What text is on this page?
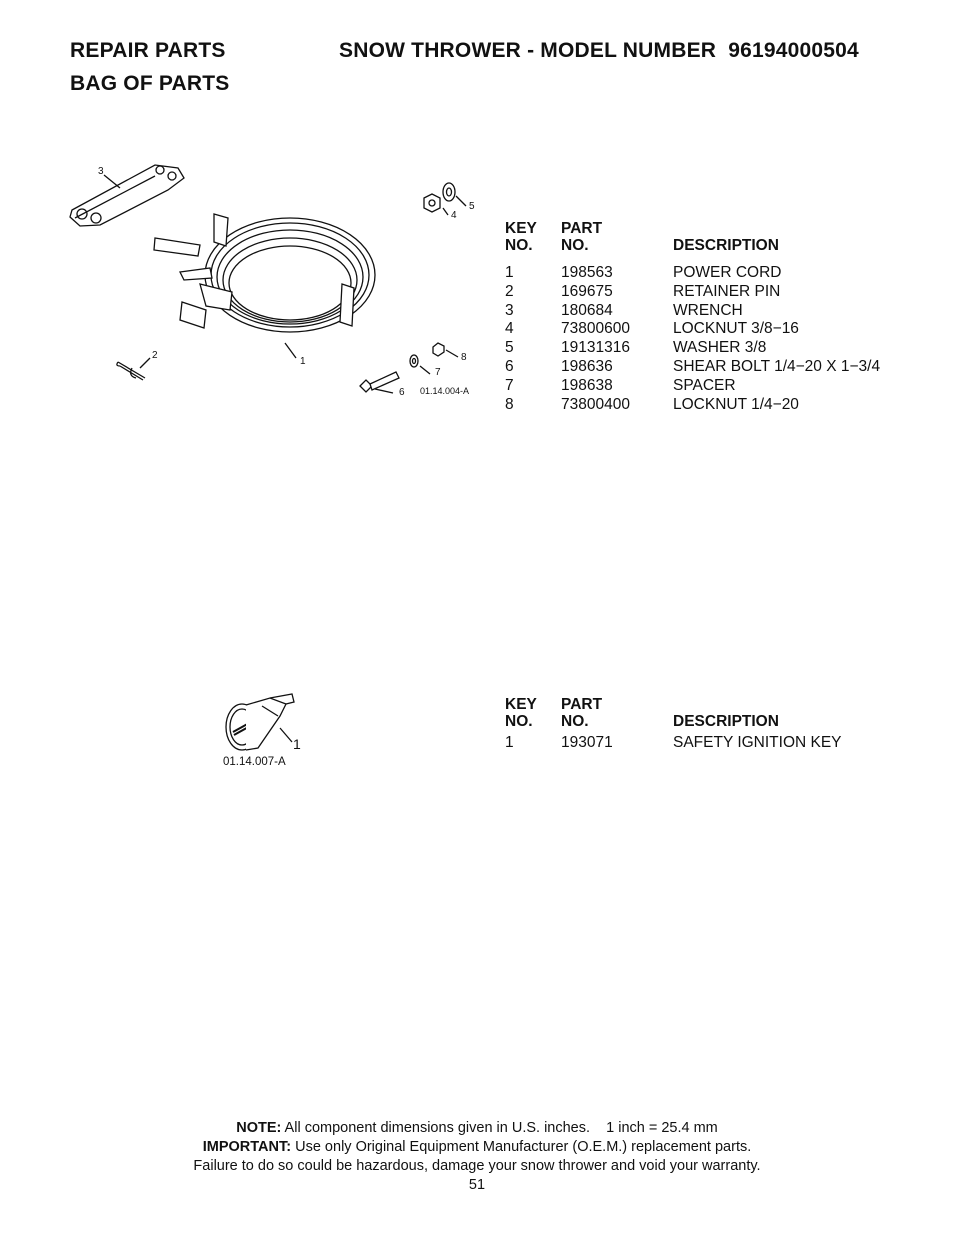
REPAIR PARTS	SNOW THROWER - MODEL NUMBER 96194000504
BAG OF PARTS
3
2
1
4
5
6
7
8
01.14.004-A
KEY PART
NO. NO.	DESCRIPTION
1	198563	POWER CORD
2	169675	RETAINER PIN
3	180684	WRENCH
4	73800600	LOCKNUT 3/8−16
5	19131316	WASHER 3/8
6	198636	SHEAR BOLT 1/4−20 X 1−3/4
7	198638	SPACER
8	73800400	LOCKNUT 1/4−20
1
01.14.007-A
KEY PART
NO. NO.	DESCRIPTION
1	193071	SAFETY IGNITION KEY
NOTE: All component dimensions given in U.S. inches.    1 inch = 25.4 mm
IMPORTANT: Use only Original Equipment Manufacturer (O.E.M.) replacement parts.
Failure to do so could be hazardous, damage your snow thrower and void your warranty.
51
